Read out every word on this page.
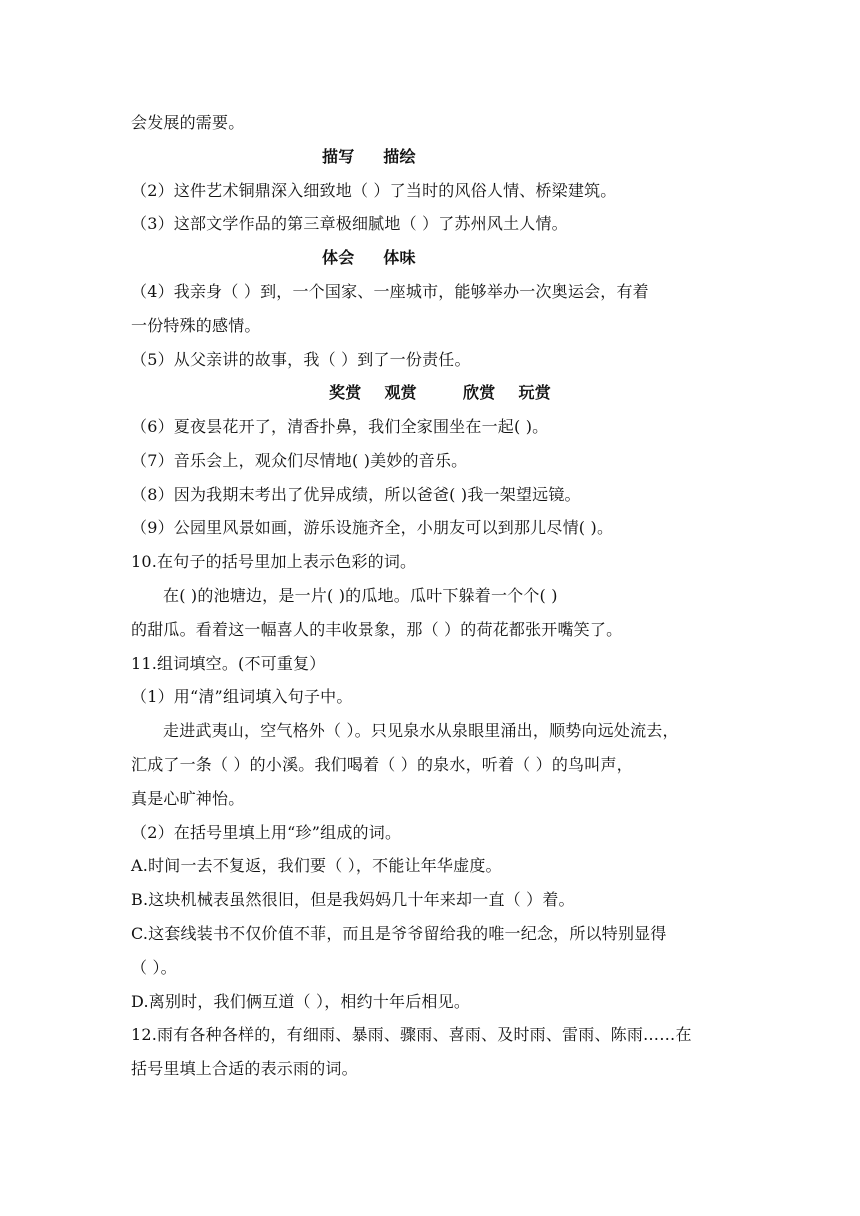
会发展的需要。
描写     描绘
（2）这件艺术铜鼎深入细致地（ ）了当时的风俗人情、桥梁建筑。
（3）这部文学作品的第三章极细腻地（ ）了苏州风土人情。
体会     体味
（4）我亲身（ ）到，一个国家、一座城市，能够举办一次奥运会，有着
一份特殊的感情。
（5）从父亲讲的故事，我（ ）到了一份责任。
奖赏    观赏        欣赏    玩赏
（6）夏夜昙花开了，清香扑鼻，我们全家围坐在一起( )。
（7）音乐会上，观众们尽情地( )美妙的音乐。
（8）因为我期末考出了优异成绩，所以爸爸( )我一架望远镜。
（9）公园里风景如画，游乐设施齐全，小朋友可以到那儿尽情( )。
10.在句子的括号里加上表示色彩的词。
在( )的池塘边，是一片( )的瓜地。瓜叶下躲着一个个( )
的甜瓜。看着这一幅喜人的丰收景象，那（ ）的荷花都张开嘴笑了。
11.组词填空。(不可重复）
（1）用“清”组词填入句子中。
走进武夷山，空气格外（ ）。只见泉水从泉眼里涌出，顺势向远处流去，
汇成了一条（ ）的小溪。我们喝着（ ）的泉水，听着（ ）的鸟叫声，
真是心旷神怡。
（2）在括号里填上用“珍”组成的词。
A.时间一去不复返，我们要（ ），不能让年华虚度。
B.这块机械表虽然很旧，但是我妈妈几十年来却一直（ ）着。
C.这套线装书不仅价值不菲，而且是爷爷留给我的唯一纪念，所以特别显得
（ ）。
D.离别时，我们俩互道（ ），相约十年后相见。
12.雨有各种各样的，有细雨、暴雨、骤雨、喜雨、及时雨、雷雨、陈雨……在
括号里填上合适的表示雨的词。
